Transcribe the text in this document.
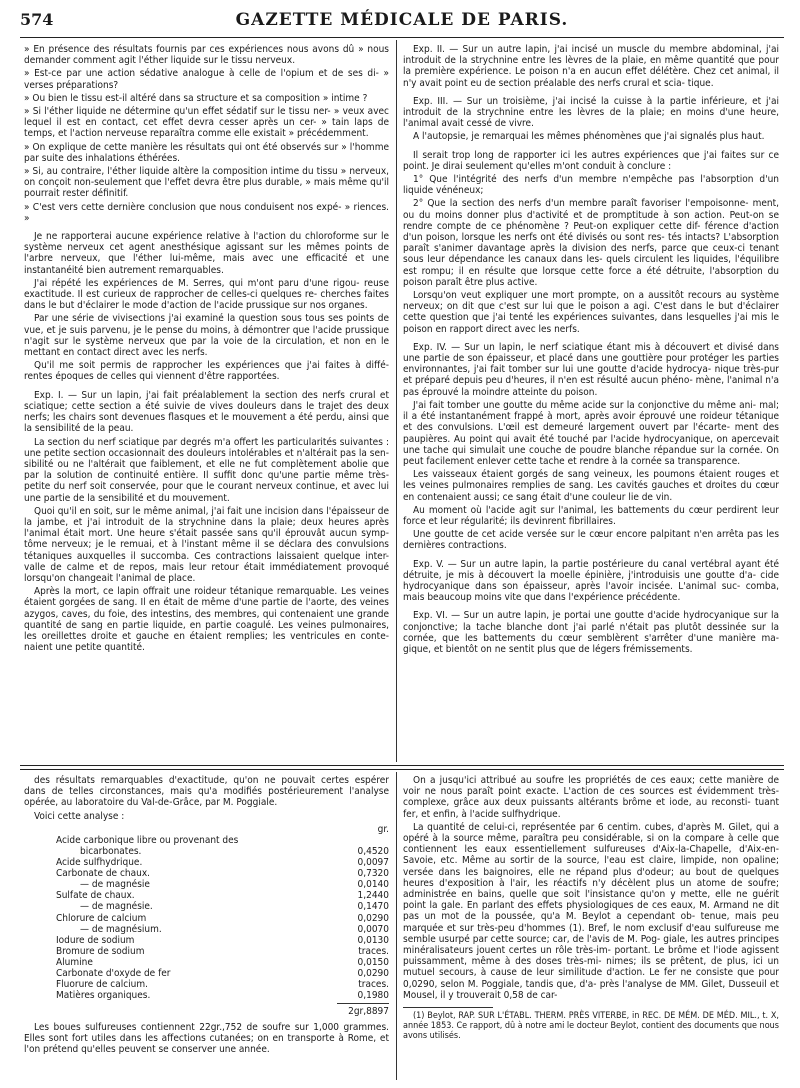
574	GAZETTE MÉDICALE DE PARIS.

» En présence des résultats fournis par ces expériences nous avons dû » nous demander comment agit l'éther liquide sur le tissu nerveux.

» Est-ce par une action sédative analogue à celle de l'opium et de ses di- » verses préparations?

» Ou bien le tissu est-il altéré dans sa structure et sa composition » intime ?

» Si l'éther liquide ne détermine qu'un effet sédatif sur le tissu ner- » veux avec lequel il est en contact, cet effet devra cesser après un cer- » tain laps de temps, et l'action nerveuse reparaîtra comme elle existait » précédemment.

» On explique de cette manière les résultats qui ont été observés sur » l'homme par suite des inhalations éthérées.

» Si, au contraire, l'éther liquide altère la composition intime du tissu » nerveux, on conçoit non-seulement que l'effet devra être plus durable, » mais même qu'il pourrait rester définitif.

» C'est vers cette dernière conclusion que nous conduisent nos expé- » riences. »

Je ne rapporterai aucune expérience relative à l'action du chloroforme sur le système nerveux cet agent anesthésique agissant sur les mêmes points de l'arbre nerveux, que l'éther lui-même, mais avec une efficacité et une instantanéité bien autrement remarquables.

J'ai répété les expériences de M. Serres, qui m'ont paru d'une rigou- reuse exactitude. Il est curieux de rapprocher de celles-ci quelques re- cherches faites dans le but d'éclairer le mode d'action de l'acide prussique sur nos organes.

Par une série de vivisections j'ai examiné la question sous tous ses points de vue, et je suis parvenu, je le pense du moins, à démontrer que l'acide prussique n'agit sur le système nerveux que par la voie de la circulation, et non en le mettant en contact direct avec les nerfs.

Qu'il me soit permis de rapprocher les expériences que j'ai faites à diffé- rentes époques de celles qui viennent d'être rapportées.

Exp. I. — Sur un lapin, j'ai fait préalablement la section des nerfs crural et sciatique; cette section a été suivie de vives douleurs dans le trajet des deux nerfs; les chairs sont devenues flasques et le mouvement a été perdu, ainsi que la sensibilité de la peau.

La section du nerf sciatique par degrés m'a offert les particularités suivantes : une petite section occasionnait des douleurs intolérables et n'altérait pas la sen- sibilité ou ne l'altérait que faiblement, et elle ne fut complètement abolie que par la solution de continuité entière. Il suffit donc qu'une partie même très-petite du nerf soit conservée, pour que le courant nerveux continue, et avec lui une partie de la sensibilité et du mouvement.

Quoi qu'il en soit, sur le même animal, j'ai fait une incision dans l'épaisseur de la jambe, et j'ai introduit de la strychnine dans la plaie; deux heures après l'animal était mort. Une heure s'était passée sans qu'il éprouvât aucun symp- tôme nerveux; je le remuai, et à l'instant même il se déclara des convulsions tétaniques auxquelles il succomba. Ces contractions laissaient quelque inter- valle de calme et de repos, mais leur retour était immédiatement provoqué lorsqu'on changeait l'animal de place.

Après la mort, ce lapin offrait une roideur tétanique remarquable. Les veines étaient gorgées de sang. Il en était de même d'une partie de l'aorte, des veines azygos, caves, du foie, des intestins, des membres, qui contenaient une grande quantité de sang en partie liquide, en partie coagulé. Les veines pulmonaires, les oreillettes droite et gauche en étaient remplies; les ventricules en conte- naient une petite quantité.

Exp. II. — Sur un autre lapin, j'ai incisé un muscle du membre abdominal, j'ai introduit de la strychnine entre les lèvres de la plaie, en même quantité que pour la première expérience. Le poison n'a en aucun effet délétère. Chez cet animal, il n'y avait point eu de section préalable des nerfs crural et scia- tique.

Exp. III. — Sur un troisième, j'ai incisé la cuisse à la partie inférieure, et j'ai introduit de la strychnine entre les lèvres de la plaie; en moins d'une heure, l'animal avait cessé de vivre.

A l'autopsie, je remarquai les mêmes phénomènes que j'ai signalés plus haut.

Il serait trop long de rapporter ici les autres expériences que j'ai faites sur ce point. Je dirai seulement qu'elles m'ont conduit à conclure :

1° Que l'intégrité des nerfs d'un membre n'empêche pas l'absorption d'un liquide vénéneux;

2° Que la section des nerfs d'un membre paraît favoriser l'empoisonne- ment, ou du moins donner plus d'activité et de promptitude à son action. Peut-on se rendre compte de ce phénomène ? Peut-on expliquer cette dif- férence d'action d'un poison, lorsque les nerfs ont été divisés ou sont res- tés intacts? L'absorption paraît s'animer davantage après la division des nerfs, parce que ceux-ci tenant sous leur dépendance les canaux dans les- quels circulent les liquides, l'équilibre est rompu; il en résulte que lorsque cette force a été détruite, l'absorption du poison paraît être plus active.

Lorsqu'on veut expliquer une mort prompte, on a aussitôt recours au système nerveux; on dit que c'est sur lui que le poison a agi. C'est dans le but d'éclairer cette question que j'ai tenté les expériences suivantes, dans lesquelles j'ai mis le poison en rapport direct avec les nerfs.

Exp. IV. — Sur un lapin, le nerf sciatique étant mis à découvert et divisé dans une partie de son épaisseur, et placé dans une gouttière pour protéger les parties environnantes, j'ai fait tomber sur lui une goutte d'acide hydrocya- nique très-pur et préparé depuis peu d'heures, il n'en est résulté aucun phéno- mène, l'animal n'a pas éprouvé la moindre atteinte du poison.

J'ai fait tomber une goutte du même acide sur la conjonctive du même ani- mal; il a été instantanément frappé à mort, après avoir éprouvé une roideur tétanique et des convulsions. L'œil est demeuré largement ouvert par l'écarte- ment des paupières. Au point qui avait été touché par l'acide hydrocyanique, on apercevait une tache qui simulait une couche de poudre blanche répandue sur la cornée. On peut facilement enlever cette tache et rendre à la cornée sa transparence.

Les vaisseaux étaient gorgés de sang veineux, les poumons étaient rouges et les veines pulmonaires remplies de sang. Les cavités gauches et droites du cœur en contenaient aussi; ce sang était d'une couleur lie de vin.

Au moment où l'acide agit sur l'animal, les battements du cœur perdirent leur force et leur régularité; ils devinrent fibrillaires.

Une goutte de cet acide versée sur le cœur encore palpitant n'en arrêta pas les dernières contractions.

Exp. V. — Sur un autre lapin, la partie postérieure du canal vertébral ayant été détruite, je mis à découvert la moelle épinière, j'introduisis une goutte d'a- cide hydrocyanique dans son épaisseur, après l'avoir incisée. L'animal suc- comba, mais beaucoup moins vite que dans l'expérience précédente.

Exp. VI. — Sur un autre lapin, je portai une goutte d'acide hydrocyanique sur la conjonctive; la tache blanche dont j'ai parlé n'était pas plutôt dessinée sur la cornée, que les battements du cœur semblèrent s'arrêter d'une manière ma- gique, et bientôt on ne sentit plus que de légers frémissements.

des résultats remarquables d'exactitude, qu'on ne pouvait certes espérer dans de telles circonstances, mais qu'a modifiés postérieurement l'analyse opérée, au laboratoire du Val-de-Grâce, par M. Poggiale.

Voici cette analyse :

	gr.
Acide carbonique libre ou provenant des	
bicarbonates.	0,4520
Acide sulfhydrique.	0,0097
Carbonate de chaux.	0,7320
— de magnésie	0,0140
Sulfate de chaux.	1,2440
— de magnésie.	0,1470
Chlorure de calcium	0,0290
— de magnésium.	0,0070
Iodure de sodium	0,0130
Bromure de sodium	traces.
Alumine	0,0150
Carbonate d'oxyde de fer	0,0290
Fluorure de calcium.	traces.
Matières organiques.	0,1980
2gr,8897

Les boues sulfureuses contiennent 22gr.,752 de soufre sur 1,000 grammes. Elles sont fort utiles dans les affections cutanées; on en transporte à Rome, et l'on prétend qu'elles peuvent se conserver une année.

On a jusqu'ici attribué au soufre les propriétés de ces eaux; cette manière de voir ne nous paraît point exacte. L'action de ces sources est évidemment très-complexe, grâce aux deux puissants altérants brôme et iode, au reconsti- tuant fer, et enfin, à l'acide sulfhydrique.

La quantité de celui-ci, représentée par 6 centim. cubes, d'après M. Gilet, qui a opéré à la source même, paraîtra peu considérable, si on la compare à celle que contiennent les eaux essentiellement sulfureuses d'Aix-la-Chapelle, d'Aix-en-Savoie, etc. Même au sortir de la source, l'eau est claire, limpide, non opaline; versée dans les baignoires, elle ne répand plus d'odeur; au bout de quelques heures d'exposition à l'air, les réactifs n'y décèlent plus un atome de soufre; administrée en bains, quelle que soit l'insistance qu'on y mette, elle ne guérit point la gale. En parlant des effets physiologiques de ces eaux, M. Armand ne dit pas un mot de la poussée, qu'a M. Beylot a cependant ob- tenue, mais peu marquée et sur très-peu d'hommes (1). Bref, le nom exclusif d'eau sulfureuse me semble usurpé par cette source; car, de l'avis de M. Pog- giale, les autres principes minéralisateurs jouent certes un rôle très-im- portant. Le brôme et l'iode agissent puissamment, même à des doses très-mi- nimes; ils se prêtent, de plus, ici un mutuel secours, à cause de leur similitude d'action. Le fer ne consiste que pour 0,0290, selon M. Poggiale, tandis que, d'a- près l'analyse de MM. Gilet, Dusseuil et Mousel, il y trouverait 0,58 de car-

(1) Beylot, RAP. SUR L'ÉTABL. THERM. PRÈS VITERBE, in REC. DE MÉM. DE MÉD. MIL., t. X, année 1853. Ce rapport, dû à notre ami le docteur Beylot, contient des documents que nous avons utilisés.
